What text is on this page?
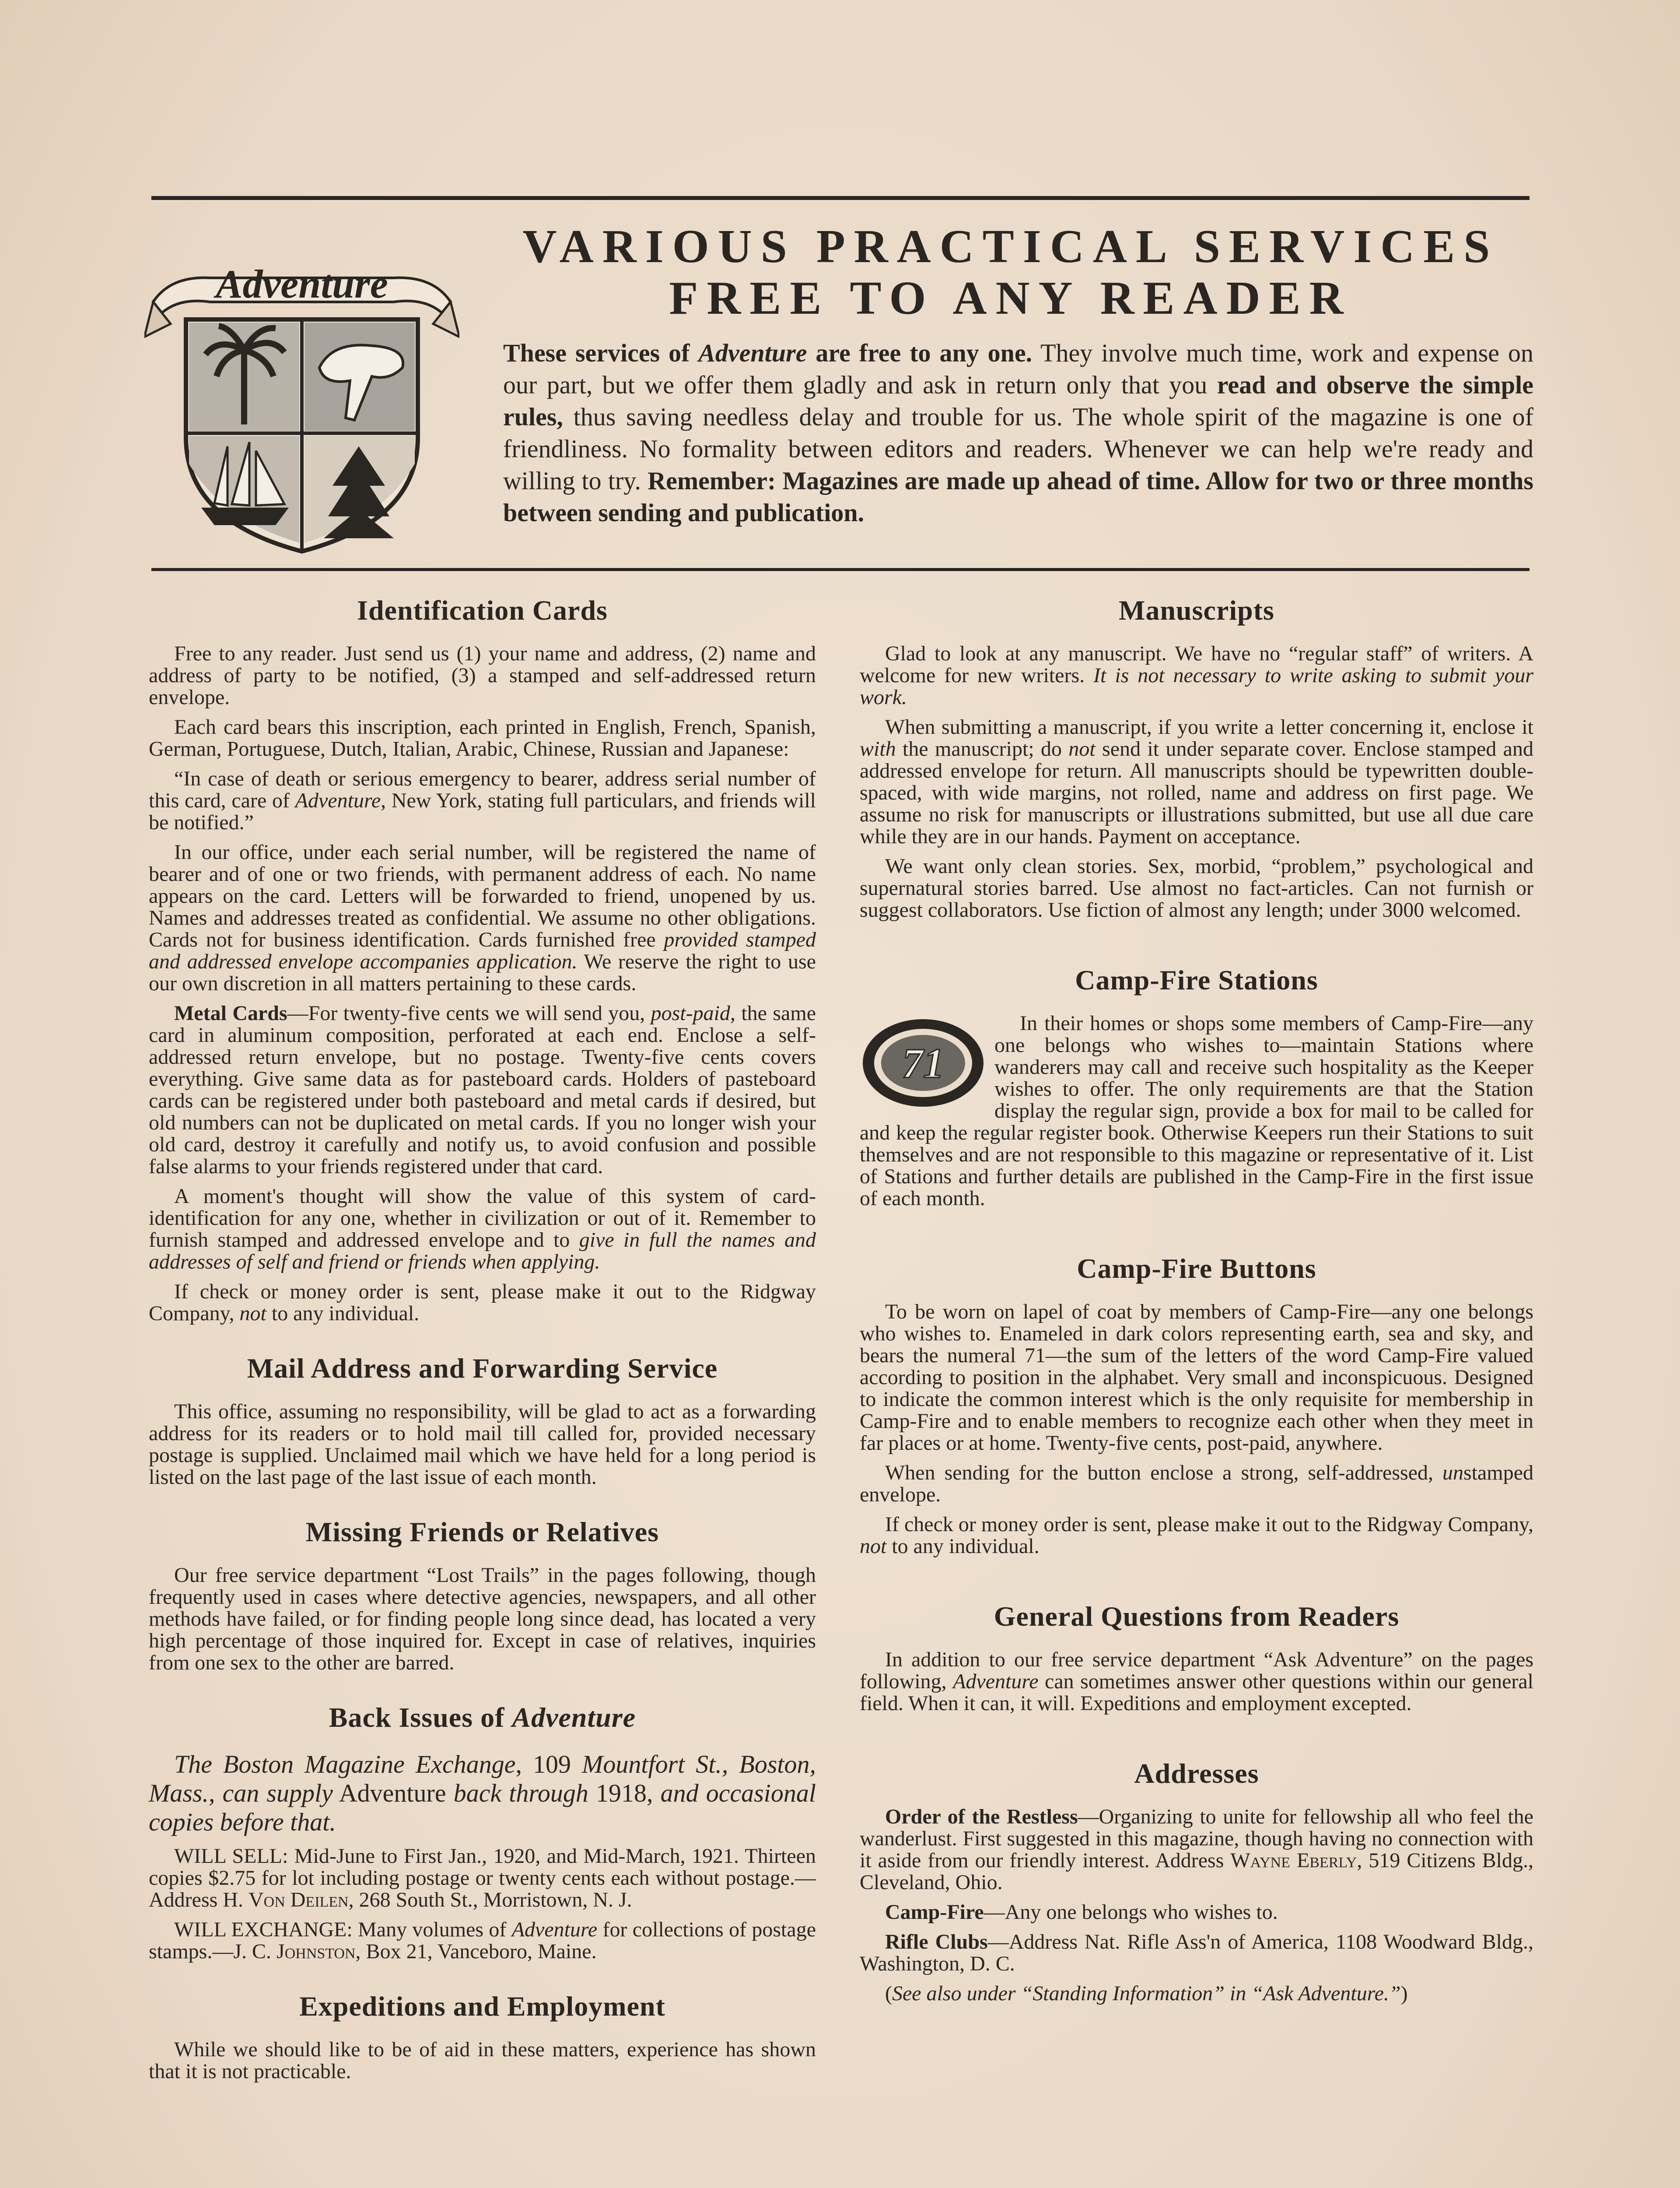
Adventure
VARIOUS PRACTICAL SERVICES
FREE TO ANY READER

These services of Adventure are free to any one. They involve much time, work and expense on our part, but we offer them gladly and ask in return only that you read and observe the simple rules, thus saving needless delay and trouble for us. The whole spirit of the magazine is one of friendliness. No formality between editors and readers. Whenever we can help we're ready and willing to try. Remember: Magazines are made up ahead of time. Allow for two or three months between sending and publication.

Identification Cards

Free to any reader. Just send us (1) your name and address, (2) name and address of party to be notified, (3) a stamped and self-addressed return envelope.

Each card bears this inscription, each printed in English, French, Spanish, German, Portuguese, Dutch, Italian, Arabic, Chinese, Russian and Japanese:

“In case of death or serious emergency to bearer, address serial number of this card, care of Adventure, New York, stating full particulars, and friends will be notified.”

In our office, under each serial number, will be registered the name of bearer and of one or two friends, with permanent address of each. No name appears on the card. Letters will be forwarded to friend, unopened by us. Names and addresses treated as confidential. We assume no other obligations. Cards not for business identification. Cards furnished free provided stamped and addressed envelope accompanies application. We reserve the right to use our own discretion in all matters pertaining to these cards.

Metal Cards—For twenty-five cents we will send you, post-paid, the same card in aluminum composition, perforated at each end. Enclose a self-addressed return envelope, but no postage. Twenty-five cents covers everything. Give same data as for pasteboard cards. Holders of pasteboard cards can be registered under both pasteboard and metal cards if desired, but old numbers can not be duplicated on metal cards. If you no longer wish your old card, destroy it carefully and notify us, to avoid confusion and possible false alarms to your friends registered under that card.

A moment's thought will show the value of this system of card-identification for any one, whether in civilization or out of it. Remember to furnish stamped and addressed envelope and to give in full the names and addresses of self and friend or friends when applying.

If check or money order is sent, please make it out to the Ridgway Company, not to any individual.

Mail Address and Forwarding Service

This office, assuming no responsibility, will be glad to act as a forwarding address for its readers or to hold mail till called for, provided necessary postage is supplied. Unclaimed mail which we have held for a long period is listed on the last page of the last issue of each month.

Missing Friends or Relatives

Our free service department “Lost Trails” in the pages following, though frequently used in cases where detective agencies, newspapers, and all other methods have failed, or for finding people long since dead, has located a very high percentage of those inquired for. Except in case of relatives, inquiries from one sex to the other are barred.

Back Issues of Adventure

The Boston Magazine Exchange, 109 Mountfort St., Boston, Mass., can supply Adventure back through 1918, and occasional copies before that.

WILL SELL: Mid-June to First Jan., 1920, and Mid-March, 1921. Thirteen copies $2.75 for lot including postage or twenty cents each without postage.—Address H. Von Deilen, 268 South St., Morristown, N. J.

WILL EXCHANGE: Many volumes of Adventure for collections of postage stamps.—J. C. Johnston, Box 21, Vanceboro, Maine.

Expeditions and Employment

While we should like to be of aid in these matters, experience has shown that it is not practicable.

Manuscripts

Glad to look at any manuscript. We have no “regular staff” of writers. A welcome for new writers. It is not necessary to write asking to submit your work.

When submitting a manuscript, if you write a letter concerning it, enclose it with the manuscript; do not send it under separate cover. Enclose stamped and addressed envelope for return. All manuscripts should be typewritten double-spaced, with wide margins, not rolled, name and address on first page. We assume no risk for manuscripts or illustrations submitted, but use all due care while they are in our hands. Payment on acceptance.

We want only clean stories. Sex, morbid, “problem,” psychological and supernatural stories barred. Use almost no fact-articles. Can not furnish or suggest collaborators. Use fiction of almost any length; under 3000 welcomed.

Camp-Fire Stations
71

In their homes or shops some members of Camp-Fire—any one belongs who wishes to—maintain Stations where wanderers may call and receive such hospitality as the Keeper wishes to offer. The only requirements are that the Station display the regular sign, provide a box for mail to be called for and keep the regular register book. Otherwise Keepers run their Stations to suit themselves and are not responsible to this magazine or representative of it. List of Stations and further details are published in the Camp-Fire in the first issue of each month.

Camp-Fire Buttons

To be worn on lapel of coat by members of Camp-Fire—any one belongs who wishes to. Enameled in dark colors representing earth, sea and sky, and bears the numeral 71—the sum of the letters of the word Camp-Fire valued according to position in the alphabet. Very small and inconspicuous. Designed to indicate the common interest which is the only requisite for membership in Camp-Fire and to enable members to recognize each other when they meet in far places or at home. Twenty-five cents, post-paid, anywhere.

When sending for the button enclose a strong, self-addressed, unstamped envelope.

If check or money order is sent, please make it out to the Ridgway Company, not to any individual.

General Questions from Readers

In addition to our free service department “Ask Adventure” on the pages following, Adventure can sometimes answer other questions within our general field. When it can, it will. Expeditions and employment excepted.

Addresses

Order of the Restless—Organizing to unite for fellowship all who feel the wanderlust. First suggested in this magazine, though having no connection with it aside from our friendly interest. Address Wayne Eberly, 519 Citizens Bldg., Cleveland, Ohio.

Camp-Fire—Any one belongs who wishes to.

Rifle Clubs—Address Nat. Rifle Ass'n of America, 1108 Woodward Bldg., Washington, D. C.

(See also under “Standing Information” in “Ask Adventure.”)
